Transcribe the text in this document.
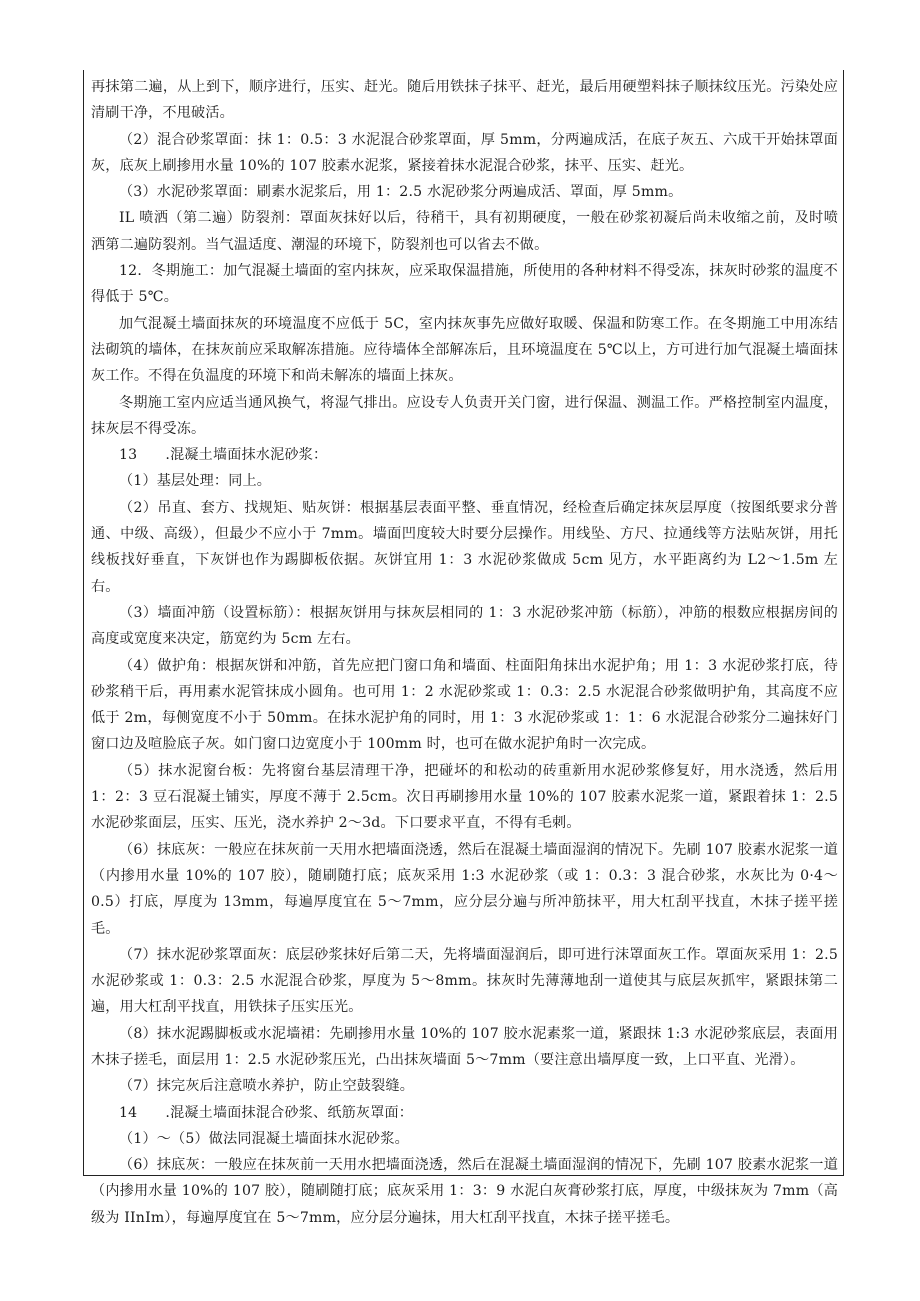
再抹第二遍，从上到下，顺序进行，压实、赶光。随后用铁抹子抹平、赶光，最后用硬塑料抹子顺抹纹压光。污染处应清刷干净，不甩破活。

（2）混合砂浆罩面：抹 1：0.5：3 水泥混合砂浆罩面，厚 5mm，分两遍成活，在底子灰五、六成干开始抹罩面灰，底灰上刷掺用水量 10%的 107 胶素水泥浆，紧接着抹水泥混合砂浆，抹平、压实、赶光。

（3）水泥砂浆罩面：刷素水泥浆后，用 1：2.5 水泥砂浆分两遍成活、罩面，厚 5mm。

IL 喷洒（第二遍）防裂剂：罩面灰抹好以后，待稍干，具有初期硬度，一般在砂浆初凝后尚未收缩之前，及时喷洒第二遍防裂剂。当气温适度、潮湿的环境下，防裂剂也可以省去不做。

12．冬期施工：加气混凝土墙面的室内抹灰，应采取保温措施，所使用的各种材料不得受冻，抹灰时砂浆的温度不得低于 5℃。

加气混凝土墙面抹灰的环境温度不应低于 5C，室内抹灰事先应做好取暖、保温和防寒工作。在冬期施工中用冻结法砌筑的墙体，在抹灰前应采取解冻措施。应待墙体全部解冻后，且环境温度在 5℃以上，方可进行加气混凝土墙面抹灰工作。不得在负温度的环境下和尚未解冻的墙面上抹灰。

冬期施工室内应适当通风换气，将湿气排出。应设专人负责开关门窗，进行保温、测温工作。严格控制室内温度，抹灰层不得受冻。

13      .混凝土墙面抹水泥砂浆：

（1）基层处理：同上。

（2）吊直、套方、找规矩、贴灰饼：根据基层表面平整、垂直情况，经检查后确定抹灰层厚度（按图纸要求分普通、中级、高级），但最少不应小于 7mm。墙面凹度较大时要分层操作。用线坠、方尺、拉通线等方法贴灰饼，用托线板找好垂直，下灰饼也作为踢脚板依据。灰饼宜用 1：3 水泥砂浆做成 5cm 见方，水平距离约为 L2～1.5m 左右。

（3）墙面冲筋（设置标筋）：根据灰饼用与抹灰层相同的 1：3 水泥砂浆冲筋（标筋），冲筋的根数应根据房间的高度或宽度来决定，筋宽约为 5cm 左右。

（4）做护角：根据灰饼和冲筋，首先应把门窗口角和墙面、柱面阳角抹出水泥护角；用 1：3 水泥砂浆打底，待砂浆稍干后，再用素水泥管抹成小圆角。也可用 1：2 水泥砂浆或 1：0.3：2.5 水泥混合砂浆做明护角，其高度不应低于 2m，每侧宽度不小于 50mm。在抹水泥护角的同时，用 1：3 水泥砂浆或 1：1：6 水泥混合砂浆分二遍抹好门窗口边及喧脸底子灰。如门窗口边宽度小于 100mm 时，也可在做水泥护角时一次完成。

（5）抹水泥窗台板：先将窗台基层清理干净，把碰坏的和松动的砖重新用水泥砂浆修复好，用水浇透，然后用 1：2：3 豆石混凝土铺实，厚度不薄于 2.5cm。次日再刷掺用水量 10%的 107 胶素水泥浆一道，紧跟着抹 1：2.5 水泥砂浆面层，压实、压光，浇水养护 2～3d。下口要求平直，不得有毛刺。

（6）抹底灰：一般应在抹灰前一天用水把墙面浇透，然后在混凝土墙面湿润的情况下。先刷 107 胶素水泥浆一道（内掺用水量 10%的 107 胶），随刷随打底；底灰采用 1:3 水泥砂浆（或 1：0.3：3 混合砂浆，水灰比为 0·4～0.5）打底，厚度为 13mm，每遍厚度宜在 5～7mm，应分层分遍与所冲筋抹平，用大杠刮平找直，木抹子搓平搓毛。

（7）抹水泥砂浆罩面灰：底层砂浆抹好后第二天，先将墙面湿润后，即可进行沫罩面灰工作。罩面灰采用 1：2.5 水泥砂浆或 1：0.3：2.5 水泥混合砂浆，厚度为 5～8mm。抹灰时先薄薄地刮一道使其与底层灰抓牢，紧跟抹第二遍，用大杠刮平找直，用铁抹子压实压光。

（8）抹水泥踢脚板或水泥墙裙：先刷掺用水量 10%的 107 胶水泥素浆一道，紧跟抹 1:3 水泥砂浆底层，表面用木抹子搓毛，面层用 1：2.5 水泥砂浆压光，凸出抹灰墙面 5～7mm（要注意出墙厚度一致，上口平直、光滑）。

（7）抹完灰后注意喷水养护，防止空鼓裂缝。

14      .混凝土墙面抹混合砂浆、纸筋灰罩面：

（1）～（5）做法同混凝土墙面抹水泥砂浆。

（6）抹底灰：一般应在抹灰前一天用水把墙面浇透，然后在混凝土墙面湿润的情况下，先刷 107 胶素水泥浆一道（内掺用水量 10%的 107 胶），随刷随打底；底灰采用 1：3：9 水泥白灰膏砂浆打底，厚度，中级抹灰为 7mm（高级为 IInIm），每遍厚度宜在 5～7mm，应分层分遍抹，用大杠刮平找直，木抹子搓平搓毛。
